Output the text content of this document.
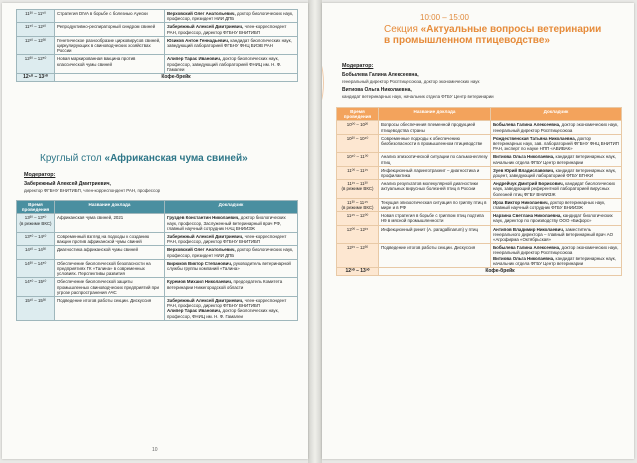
11³⁰ – 11⁵⁰	Стратегия DIVA в борьбе с болезнью Ауески	Верховский Олег Анатольевич, доктор биологических наук, профессор, президент НИИ ДПБ
11⁵⁰ – 12¹⁰	Репродуктивно-респираторный синдром свиней	Забережный Алексей Дмитриевич, член-корреспондент РАН, профессор, директор ФГБНУ ВНИТИБП
12¹⁰ – 12³⁰	Генетическое разнообразие цирковирусов свиней, циркулирующих в свиноводческих хозяйствах России	Юзиков Антон Геннадьевич, кандидат биологических наук, заведующий лабораторией ФГБНУ ФНЦ ВИЭВ РАН
12³⁰ – 12⁵⁰	Новая маркированная вакцина против классической чумы свиней	Алипер Тарас Иванович, доктор биологических наук, профессор, заведующий лабораторией ФНИЦ им. Н. Ф. Гамалеи
12⁵⁰ – 13³⁰	Кофе-брейк	
Круглый стол «Африканская чума свиней»
Модератор:
Забережный Алексей Дмитриевич,
директор ФГБНУ ВНИТИБП, член-корреспондент РАН, профессор
Время проведения	Название доклада	Докладчик
13³⁰ – 13⁵⁰
(в режиме ВКС)	Африканская чума свиней, 2021	Груздев Константин Николаевич, доктор биологических наук, профессор, Заслуженный ветеринарный врач РФ, главный научный сотрудник НАЦ ВНИИЗЖ
13⁵⁰ – 14¹⁰	Современный взгляд на подходы к созданию вакцин против африканской чумы свиней	Забережный Алексей Дмитриевич, член-корреспондент РАН, профессор, директор ФГБНУ ВНИТИБП
14¹⁰ – 14³⁰	Диагностика африканской чумы свиней	Верховский Олег Анатольевич, доктор биологических наук, профессор, президент НИИ ДПБ
14³⁰ – 14⁵⁰	Обеспечение биологической безопасности на предприятиях ГК «Талина» в современных условиях. Перспективы развития	Бирюков Виктор Степанович, руководитель ветеринарной службы группы компаний «Талина»
14⁵⁰ – 15¹⁰	Обеспечение биологической защиты промышленных свиноводческих предприятий при угрозе распространения АЧС	Куремов Михаил Николаевич, председатель Комитета ветеринарии Нижегородской области
15¹⁰ – 15³⁰	Подведение итогов работы секции. Дискуссия	Забережный Алексей Дмитриевич, член-корреспондент РАН, профессор, директор ФГБНУ ВНИТИБП
Алипер Тарас Иванович, доктор биологических наук, профессор, ФНИЦ им. Н. Ф. Гамалеи
10
10:00 – 15:00
Секция «Актуальные вопросы ветеринарии в промышленном птицеводстве»
Модератор:
Бобылева Галина Алексеевна,
генеральный директор Росптицесоюза, доктор экономических наук
Витиова Ольга Николаевна,
кандидат ветеринарных наук, начальник отдела ФГБУ Центр ветеринарии
Время проведения	Название доклада	Докладчик
10⁰⁰ – 10²⁰	Вопросы обеспечения племенной продукцией птицеводства страны	Бобылева Галина Алексеевна, доктор экономических наук, генеральный директор Росптицесоюза
10²⁰ – 10⁴⁰	Современные подходы к обеспечению биобезопасности в промышленном птицеводстве	Рождественская Татьяна Николаевна, доктор ветеринарных наук, зав. лабораторией ФГБНУ ФНЦ ВНИТИП РАН, эксперт по науке НПП «АВИВАК»
10⁴⁰ – 11⁰⁰	Анализ эпизоотической ситуации по сальмонеллезу птиц	Витиова Ольга Николаевна, кандидат ветеринарных наук, начальник отдела ФГБУ Центр ветеринарии
11⁰⁰ – 11¹⁵	Инфекционный ларинготрахеит – диагностика и профилактика	Зуев Юрий Владиславович, кандидат ветеринарных наук, доцент, заведующий лабораторией ФГБУ ВГНКИ
11¹⁵ – 11³⁰
(в режиме ВКС)	Анализ результатов молекулярной диагностики актуальных вирусных болезней птиц в России	Андрейчук Дмитрий Борисович, кандидат биологических наук, заведующий референтной лабораторией вирусных болезней птиц ФГБУ ВНИИЗЖ
11³⁰ – 11⁴⁵
(в режиме ВКС)	Текущая эпизоотическая ситуация по гриппу птиц в мире и в РФ	Ирза Виктор Николаевич, доктор ветеринарных наук, главный научный сотрудник ФГБУ ВНИИЗЖ
11⁴⁵ – 12⁰⁰	Новая стратегия в борьбе с гриппом птиц подтипа H9 в мясной промышленности	Нарзина Светлана Николаевна, кандидат биологических наук, директор по производству ООО «Бифорс»
12⁰⁰ – 12¹⁵	Инфекционный ринит (A. paragallinarum) у птиц	Антипов Владимир Николаевич, заместитель генерального директора – главный ветеринарный врач АО «Агрофирма «Октябрьская»
12¹⁵ – 12³⁰	Подведение итогов работы секции. Дискуссия	Бобылева Галина Алексеевна, доктор экономических наук, генеральный директор Росптицесоюза
Витиова Ольга Николаевна, кандидат ветеринарных наук, начальник отдела ФГБУ Центр ветеринарии
12³⁰ – 13³⁰	Кофе-брейк	
